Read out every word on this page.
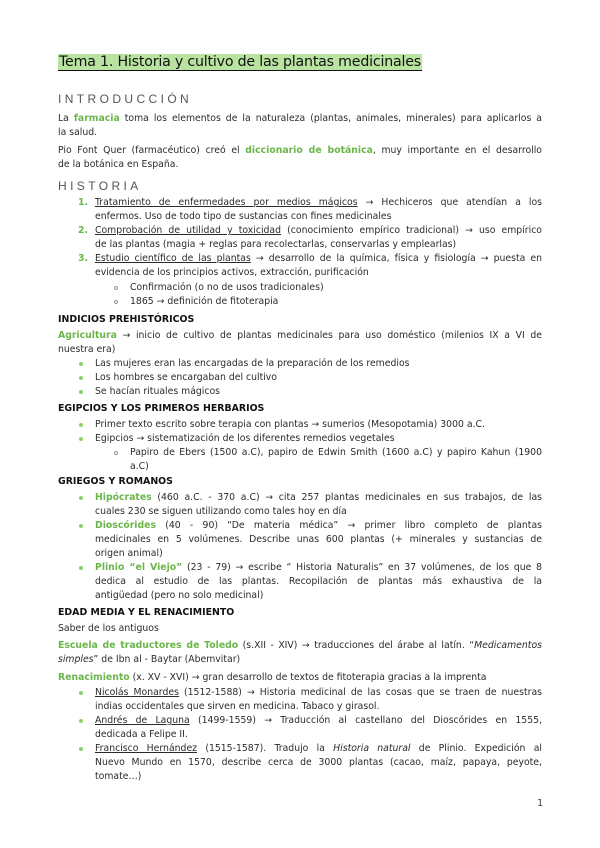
Tema 1. Historia y cultivo de las plantas medicinales
INTRODUCCIÓN
La farmacia toma los elementos de la naturaleza (plantas, animales, minerales) para aplicarlos a
la salud.
Pio Font Quer (farmacéutico) creó el diccionario de botánica, muy importante en el desarrollo
de la botánica en España.
HISTORIA
1. Tratamiento de enfermedades por medios mágicos → Hechiceros que atendían a los
enfermos. Uso de todo tipo de sustancias con fines medicinales
2. Comprobación de utilidad y toxicidad (conocimiento empírico tradicional) → uso empírico
de las plantas (magia + reglas para recolectarlas, conservarlas y emplearlas)
3. Estudio científico de las plantas → desarrollo de la química, física y fisiología → puesta en
evidencia de los principios activos, extracción, purificación
Confirmación (o no de usos tradicionales)
1865 → definición de fitoterapia
INDICIOS PREHISTÓRICOS
Agricultura → inicio de cultivo de plantas medicinales para uso doméstico (milenios IX a VI de
nuestra era)
Las mujeres eran las encargadas de la preparación de los remedios
Los hombres se encargaban del cultivo
Se hacían rituales mágicos
EGIPCIOS Y LOS PRIMEROS HERBARIOS
Primer texto escrito sobre terapia con plantas → sumerios (Mesopotamia) 3000 a.C.
Egipcios → sistematización de los diferentes remedios vegetales
Papiro de Ebers (1500 a.C), papiro de Edwin Smith (1600 a.C) y papiro Kahun (1900
a.C)
GRIEGOS Y ROMANOS
Hipócrates (460 a.C. - 370 a.C) → cita 257 plantas medicinales en sus trabajos, de las
cuales 230 se siguen utilizando como tales hoy en día
Dioscórides (40 - 90) “De materia médica” → primer libro completo de plantas
medicinales en 5 volúmenes. Describe unas 600 plantas (+ minerales y sustancias de
origen animal)
Plinio “el Viejo” (23 - 79) → escribe “ Historia Naturalis” en 37 volúmenes, de los que 8
dedica al estudio de las plantas. Recopilación de plantas más exhaustiva de la
antigüedad (pero no solo medicinal)
EDAD MEDIA Y EL RENACIMIENTO
Saber de los antiguos
Escuela de traductores de Toledo (s.XII - XIV) → traducciones del árabe al latín. “Medicamentos
simples” de Ibn al - Baytar (Abemvitar)
Renacimiento (x. XV - XVI) → gran desarrollo de textos de fitoterapia gracias a la imprenta
Nicolás Monardes (1512-1588) → Historia medicinal de las cosas que se traen de nuestras
indias occidentales que sirven en medicina. Tabaco y girasol.
Andrés de Laguna (1499-1559) → Traducción al castellano del Dioscórides en 1555,
dedicada a Felipe II.
Francisco Hernández (1515-1587). Tradujo la Historia natural de Plinio. Expedición al
Nuevo Mundo en 1570, describe cerca de 3000 plantas (cacao, maíz, papaya, peyote,
tomate…)
1
